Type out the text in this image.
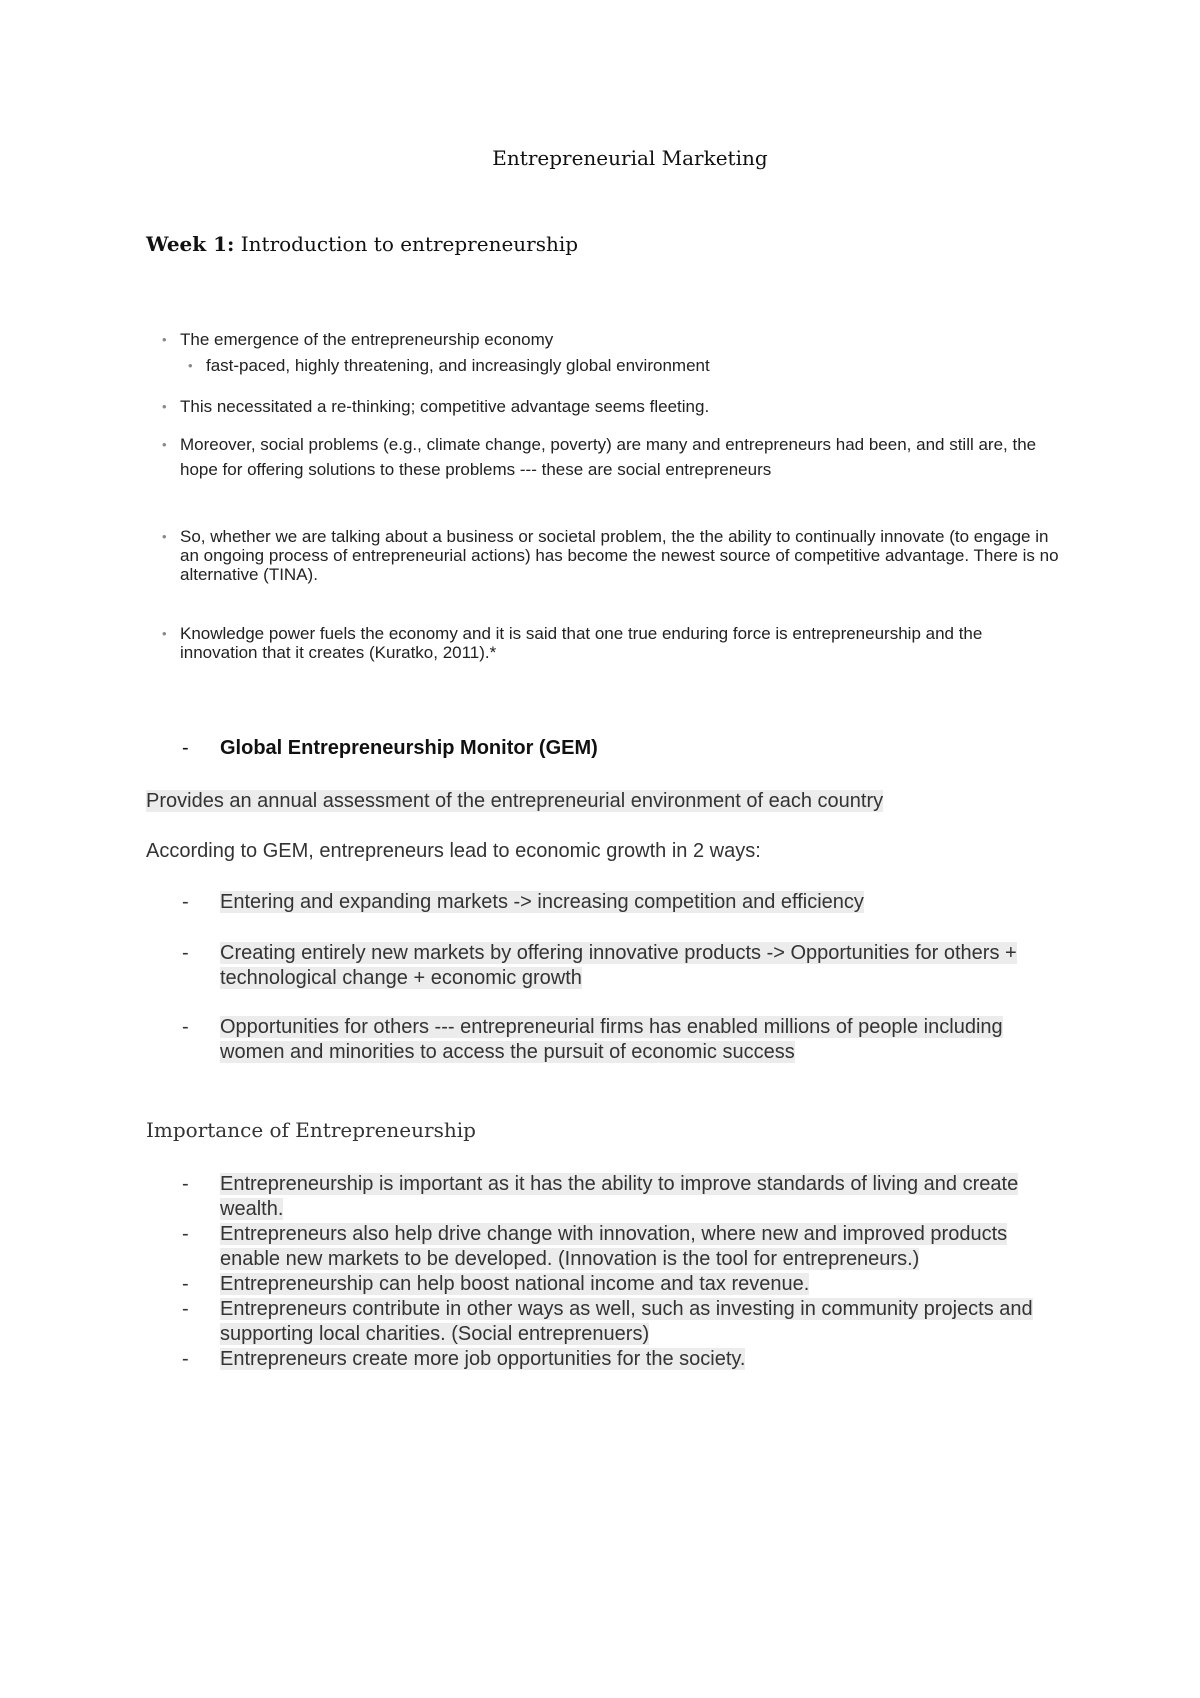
Entrepreneurial Marketing
Week 1: Introduction to entrepreneurship
• The emergence of the entrepreneurship economy
• fast-paced, highly threatening, and increasingly global environment
• This necessitated a re-thinking; competitive advantage seems fleeting.
• Moreover, social problems (e.g., climate change, poverty) are many and entrepreneurs had been, and still are, the hope for offering solutions to these problems --- these are social entrepreneurs
• So, whether we are talking about a business or societal problem, the the ability to continually innovate (to engage in an ongoing process of entrepreneurial actions) has become the newest source of competitive advantage. There is no alternative (TINA).
• Knowledge power fuels the economy and it is said that one true enduring force is entrepreneurship and the innovation that it creates (Kuratko, 2011).*
- Global Entrepreneurship Monitor (GEM)
Provides an annual assessment of the entrepreneurial environment of each country
According to GEM, entrepreneurs lead to economic growth in 2 ways:
- Entering and expanding markets -> increasing competition and efficiency
- Creating entirely new markets by offering innovative products -> Opportunities for others + technological change + economic growth
- Opportunities for others --- entrepreneurial firms has enabled millions of people including women and minorities to access the pursuit of economic success
Importance of Entrepreneurship
- Entrepreneurship is important as it has the ability to improve standards of living and create wealth.
- Entrepreneurs also help drive change with innovation, where new and improved products enable new markets to be developed. (Innovation is the tool for entrepreneurs.)
- Entrepreneurship can help boost national income and tax revenue.
- Entrepreneurs contribute in other ways as well, such as investing in community projects and supporting local charities. (Social entreprenuers)
- Entrepreneurs create more job opportunities for the society.
